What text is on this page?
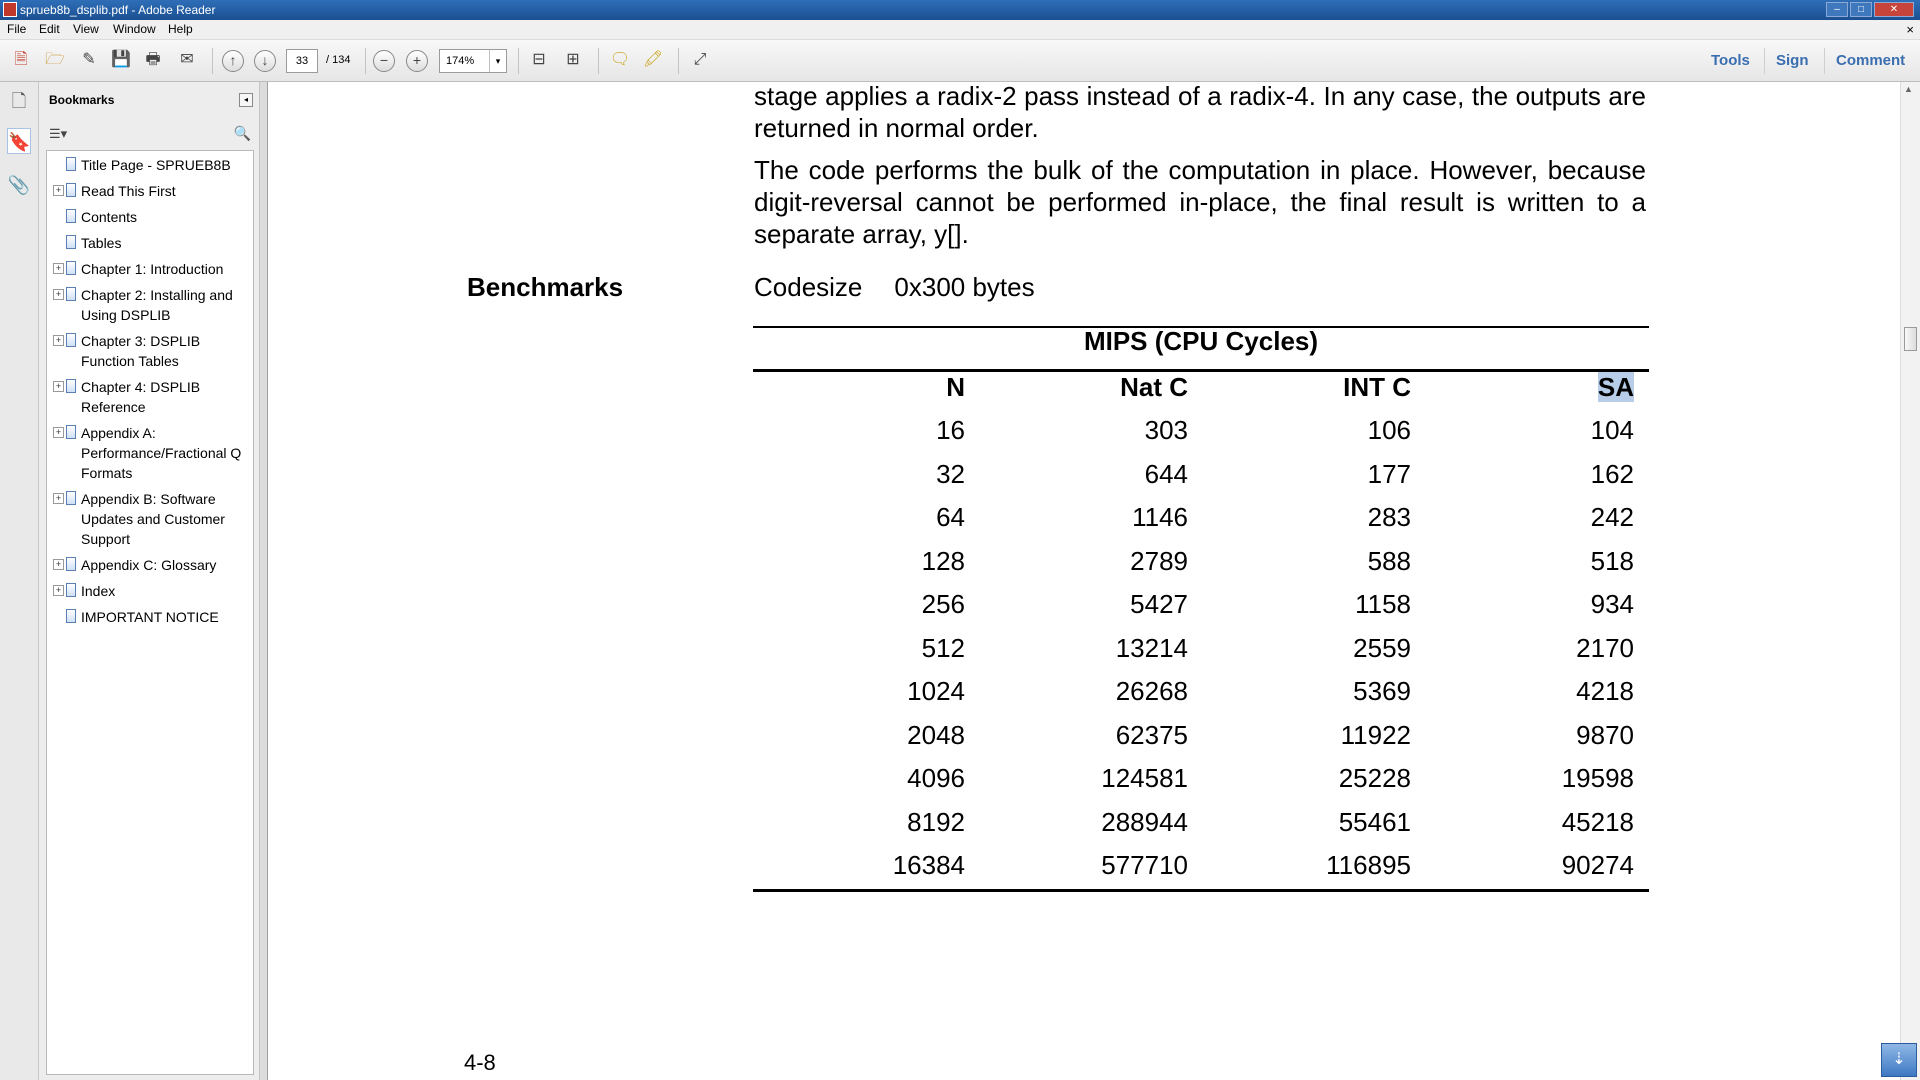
sprueb8b_dsplib.pdf - Adobe Reader	–	□	✕
File Edit View Window Help	×
🗎	🗁	✎ 💾 🖶	✉	↑	↓	33	/ 134	−	+	174%	▾	⊟	⊞	🗨 🖍	⤢	Tools Sign Comment
🗋
🔖
📎
Bookmarks	◂
☰▾	🔍
Title Page - SPRUEB8B
+ Read This First
Contents
Tables
+ Chapter 1: Introduction
+ Chapter 2: Installing and Using DSPLIB
+ Chapter 3: DSPLIB Function Tables
+ Chapter 4: DSPLIB Reference
+ Appendix A: Performance/Fractional Q Formats
+ Appendix B: Software Updates and Customer Support
+ Appendix C: Glossary
+ Index
IMPORTANT NOTICE
stage applies a radix-2 pass instead of a radix-4. In any case, the outputs are returned in normal order.
The code performs the bulk of the computation in place. However, because digit-reversal cannot be performed in-place, the final result is written to a separate array, y[].
Benchmarks	Codesize 0x300 bytes
MIPS (CPU Cycles)
N	Nat C	INT C	SA
16	303	106	104
32	644	177	162
64	1146	283	242
128	2789	588	518
256	5427	1158	934
512	13214	2559	2170
1024	26268	5369	4218
2048	62375	11922	9870
4096	124581	25228	19598
8192	288944	55461	45218
16384	577710	116895	90274
4-8
▲
⇣
